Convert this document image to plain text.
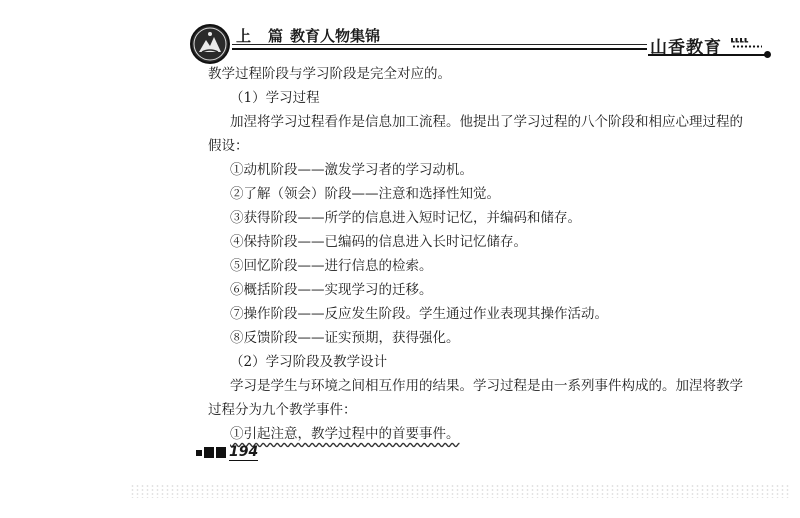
上　篇 教育人物集锦
山香教育
⸤⸤⸤⸤
教学过程阶段与学习阶段是完全对应的。
（1）学习过程
加涅将学习过程看作是信息加工流程。他提出了学习过程的八个阶段和相应心理过程的
假设：
①动机阶段——激发学习者的学习动机。
②了解（领会）阶段——注意和选择性知觉。
③获得阶段——所学的信息进入短时记忆，并编码和储存。
④保持阶段——已编码的信息进入长时记忆储存。
⑤回忆阶段——进行信息的检索。
⑥概括阶段——实现学习的迁移。
⑦操作阶段——反应发生阶段。学生通过作业表现其操作活动。
⑧反馈阶段——证实预期，获得强化。
（2）学习阶段及教学设计
学习是学生与环境之间相互作用的结果。学习过程是由一系列事件构成的。加涅将教学
过程分为九个教学事件：
①引起注意，教学过程中的首要事件。
194
